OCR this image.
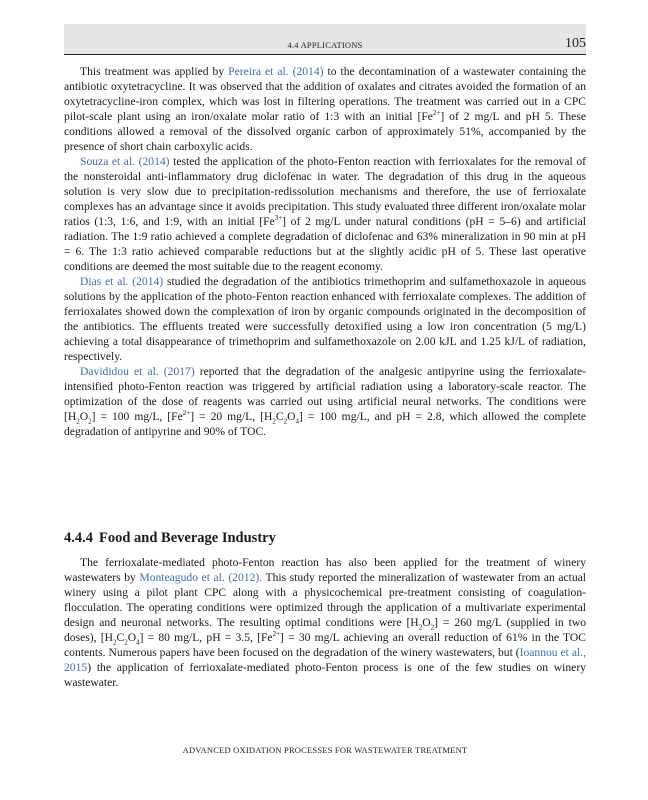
4.4 APPLICATIONS	105

This treatment was applied by Pereira et al. (2014) to the decontamination of a wastewater containing the antibiotic oxytetracycline. It was observed that the addition of oxalates and citrates avoided the formation of an oxytetracycline-iron complex, which was lost in filtering operations. The treatment was carried out in a CPC pilot-scale plant using an iron/oxalate molar ratio of 1:3 with an initial $[Fe^{2+}]$ of 2 mg/L and pH 5. These conditions allowed a removal of the dissolved organic carbon of approximately 51%, accompanied by the presence of short chain carboxylic acids.

Souza et al. (2014) tested the application of the photo-Fenton reaction with ferrioxalates for the removal of the nonsteroidal anti-inflammatory drug diclofenac in water. The degradation of this drug in the aqueous solution is very slow due to precipitation-redissolution mechanisms and therefore, the use of ferrioxalate complexes has an advantage since it avoids precipitation. This study evaluated three different iron/oxalate molar ratios (1:3, 1:6, and 1:9, with an initial $[Fe^{3+}]$ of 2 mg/L under natural conditions (pH = 5–6) and artificial radiation. The 1:9 ratio achieved a complete degradation of diclofenac and 63% mineralization in 90 min at pH = 6. The 1:3 ratio achieved comparable reductions but at the slightly acidic pH of 5. These last operative conditions are deemed the most suitable due to the reagent economy.

Dias et al. (2014) studied the degradation of the antibiotics trimethoprim and sulfamethoxazole in aqueous solutions by the application of the photo-Fenton reaction enhanced with ferrioxalate complexes. The addition of ferrioxalates showed down the complexation of iron by organic compounds originated in the decomposition of the antibiotics. The effluents treated were successfully detoxified using a low iron concentration (5 mg/L) achieving a total disappearance of trimethoprim and sulfamethoxazole on 2.00 kJL and 1.25 kJ/L of radiation, respectively.

Davididou et al. (2017) reported that the degradation of the analgesic antipyrine using the ferrioxalate-intensified photo-Fenton reaction was triggered by artificial radiation using a laboratory-scale reactor. The optimization of the dose of reagents was carried out using artificial neural networks. The conditions were $[H_2O_2] = 100$ mg/L, $[Fe^{2+}] = 20$ mg/L, $[H_2C_2O_4] = 100$ mg/L, and pH = 2.8, which allowed the complete degradation of antipyrine and 90% of TOC.

4.4.4 Food and Beverage Industry

The ferrioxalate-mediated photo-Fenton reaction has also been applied for the treatment of winery wastewaters by Monteagudo et al. (2012). This study reported the mineralization of wastewater from an actual winery using a pilot plant CPC along with a physicochemical pre-treatment consisting of coagulation-flocculation. The operating conditions were optimized through the application of a multivariate experimental design and neuronal networks. The resulting optimal conditions were $[H_2O_2] = 260$ mg/L (supplied in two doses), $[H_2C_2O_4] = 80$ mg/L, pH = 3.5, $[Fe^{2+}] = 30$ mg/L achieving an overall reduction of 61% in the TOC contents. Numerous papers have been focused on the degradation of the winery wastewaters, but (Ioannou et al., 2015) the application of ferrioxalate-mediated photo-Fenton process is one of the few studies on winery wastewater.

ADVANCED OXIDATION PROCESSES FOR WASTEWATER TREATMENT
